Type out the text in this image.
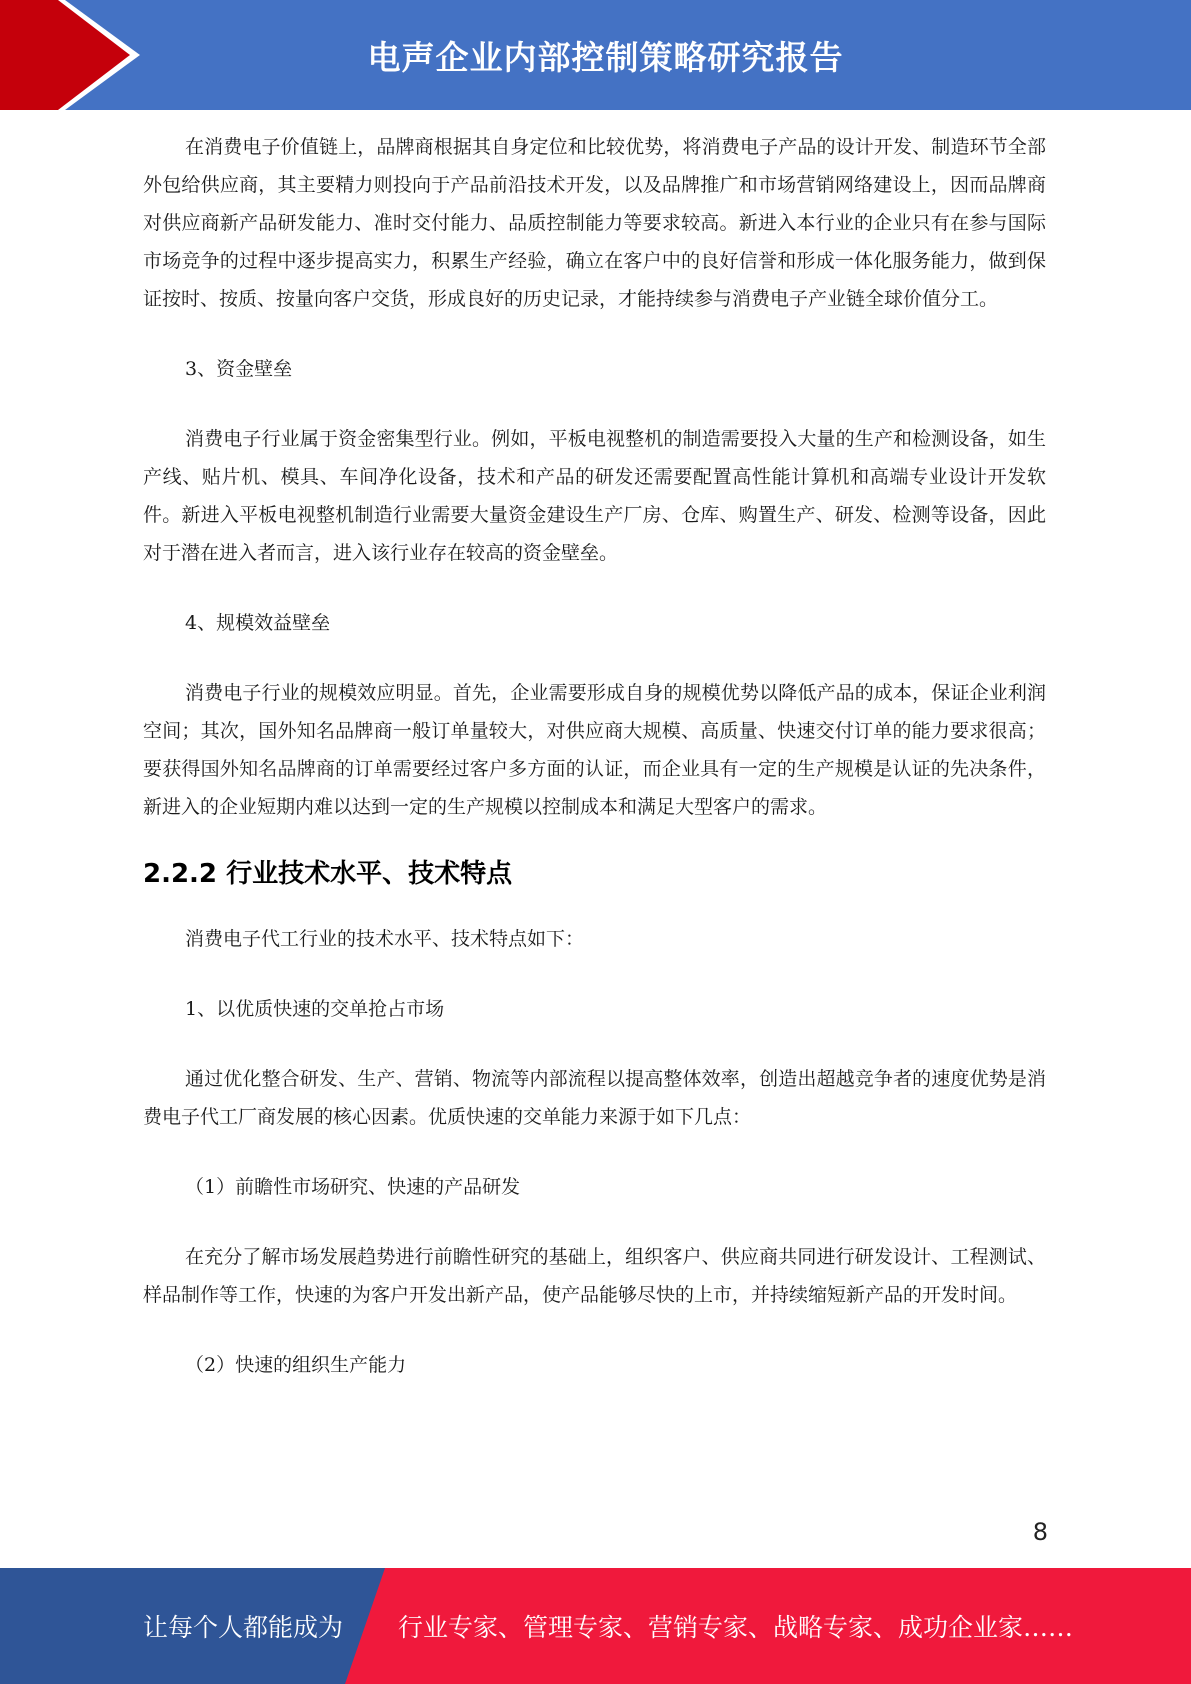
电声企业内部控制策略研究报告

在消费电子价值链上，品牌商根据其自身定位和比较优势，将消费电子产品的设计开发、制造环节全部外包给供应商，其主要精力则投向于产品前沿技术开发，以及品牌推广和市场营销网络建设上，因而品牌商对供应商新产品研发能力、准时交付能力、品质控制能力等要求较高。新进入本行业的企业只有在参与国际市场竞争的过程中逐步提高实力，积累生产经验，确立在客户中的良好信誉和形成一体化服务能力，做到保证按时、按质、按量向客户交货，形成良好的历史记录，才能持续参与消费电子产业链全球价值分工。

3、资金壁垒

消费电子行业属于资金密集型行业。例如，平板电视整机的制造需要投入大量的生产和检测设备，如生产线、贴片机、模具、车间净化设备，技术和产品的研发还需要配置高性能计算机和高端专业设计开发软件。新进入平板电视整机制造行业需要大量资金建设生产厂房、仓库、购置生产、研发、检测等设备，因此对于潜在进入者而言，进入该行业存在较高的资金壁垒。

4、规模效益壁垒

消费电子行业的规模效应明显。首先，企业需要形成自身的规模优势以降低产品的成本，保证企业利润空间；其次，国外知名品牌商一般订单量较大，对供应商大规模、高质量、快速交付订单的能力要求很高；要获得国外知名品牌商的订单需要经过客户多方面的认证，而企业具有一定的生产规模是认证的先决条件，新进入的企业短期内难以达到一定的生产规模以控制成本和满足大型客户的需求。

2.2.2 行业技术水平、技术特点

消费电子代工行业的技术水平、技术特点如下：

1、以优质快速的交单抢占市场

通过优化整合研发、生产、营销、物流等内部流程以提高整体效率，创造出超越竞争者的速度优势是消费电子代工厂商发展的核心因素。优质快速的交单能力来源于如下几点：

（1）前瞻性市场研究、快速的产品研发

在充分了解市场发展趋势进行前瞻性研究的基础上，组织客户、供应商共同进行研发设计、工程测试、样品制作等工作，快速的为客户开发出新产品，使产品能够尽快的上市，并持续缩短新产品的开发时间。

（2）快速的组织生产能力

8
让每个人都能成为 行业专家、管理专家、营销专家、战略专家、成功企业家……
